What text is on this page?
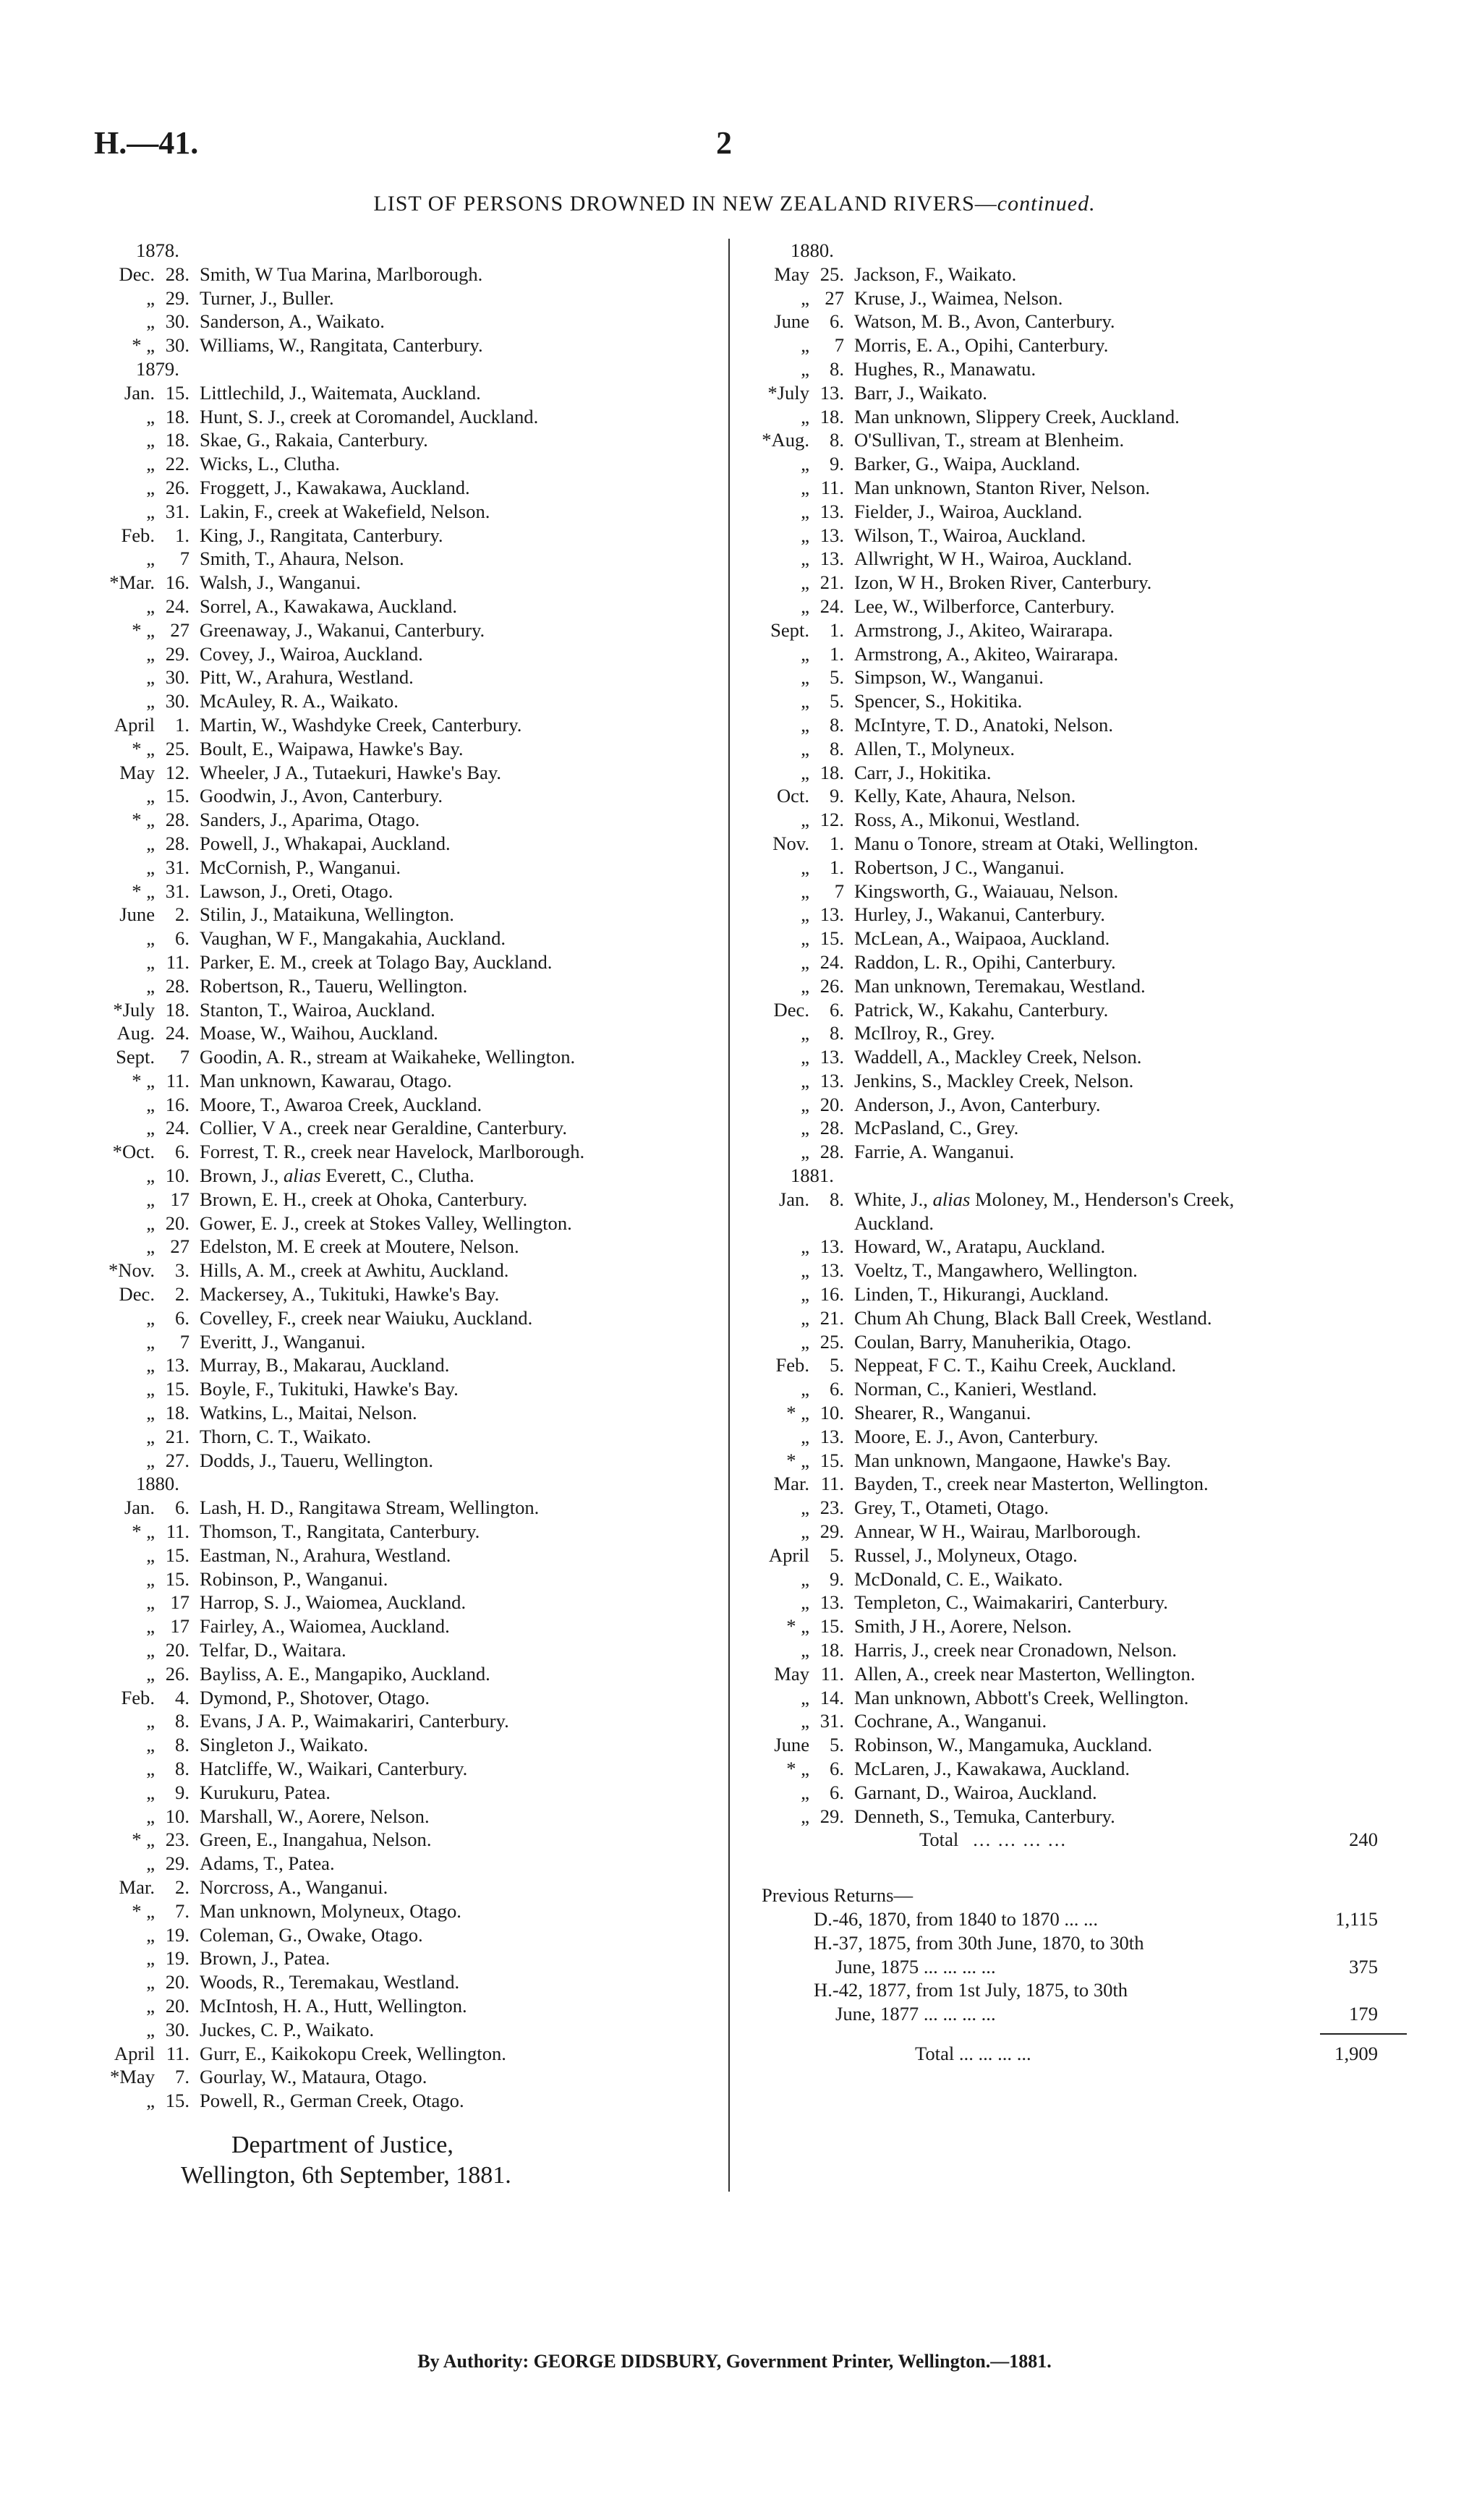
H.—41.	2
LIST OF PERSONS DROWNED IN NEW ZEALAND RIVERS—continued.
1878.
Dec. 28. Smith, W Tua Marina, Marlborough.
„ 29. Turner, J., Buller.
„ 30. Sanderson, A., Waikato.
* „ 30. Williams, W., Rangitata, Canterbury.
1879.
Jan. 15. Littlechild, J., Waitemata, Auckland.
„ 18. Hunt, S. J., creek at Coromandel, Auckland.
„ 18. Skae, G., Rakaia, Canterbury.
„ 22. Wicks, L., Clutha.
„ 26. Froggett, J., Kawakawa, Auckland.
„ 31. Lakin, F., creek at Wakefield, Nelson.
Feb.	1. King, J., Rangitata, Canterbury.
„	7 Smith, T., Ahaura, Nelson.
*Mar. 16. Walsh, J., Wanganui.
„ 24. Sorrel, A., Kawakawa, Auckland.
* „ 27 Greenaway, J., Wakanui, Canterbury.
„ 29. Covey, J., Wairoa, Auckland.
„ 30. Pitt, W., Arahura, Westland.
„ 30. McAuley, R. A., Waikato.
April	1. Martin, W., Washdyke Creek, Canterbury.
* „ 25. Boult, E., Waipawa, Hawke's Bay.
May 12. Wheeler, J A., Tutaekuri, Hawke's Bay.
„ 15. Goodwin, J., Avon, Canterbury.
* „ 28. Sanders, J., Aparima, Otago.
„ 28. Powell, J., Whakapai, Auckland.
„ 31. McCornish, P., Wanganui.
* „ 31. Lawson, J., Oreti, Otago.
June	2. Stilin, J., Mataikuna, Wellington.
„	6. Vaughan, W F., Mangakahia, Auckland.
„ 11. Parker, E. M., creek at Tolago Bay, Auckland.
„ 28. Robertson, R., Taueru, Wellington.
*July 18. Stanton, T., Wairoa, Auckland.
Aug. 24. Moase, W., Waihou, Auckland.
Sept.	7 Goodin, A. R., stream at Waikaheke, Wellington.
* „ 11. Man unknown, Kawarau, Otago.
„ 16. Moore, T., Awaroa Creek, Auckland.
„ 24. Collier, V A., creek near Geraldine, Canterbury.
*Oct.	6. Forrest, T. R., creek near Havelock, Marlborough.
„ 10. Brown, J., alias Everett, C., Clutha.
„ 17 Brown, E. H., creek at Ohoka, Canterbury.
„ 20. Gower, E. J., creek at Stokes Valley, Wellington.
„ 27 Edelston, M. E creek at Moutere, Nelson.
*Nov.	3. Hills, A. M., creek at Awhitu, Auckland.
Dec.	2. Mackersey, A., Tukituki, Hawke's Bay.
„	6. Covelley, F., creek near Waiuku, Auckland.
„	7 Everitt, J., Wanganui.
„ 13. Murray, B., Makarau, Auckland.
„ 15. Boyle, F., Tukituki, Hawke's Bay.
„ 18. Watkins, L., Maitai, Nelson.
„ 21. Thorn, C. T., Waikato.
„ 27. Dodds, J., Taueru, Wellington.
1880.
Jan.	6. Lash, H. D., Rangitawa Stream, Wellington.
* „ 11. Thomson, T., Rangitata, Canterbury.
„ 15. Eastman, N., Arahura, Westland.
„ 15. Robinson, P., Wanganui.
„ 17 Harrop, S. J., Waiomea, Auckland.
„ 17 Fairley, A., Waiomea, Auckland.
„ 20. Telfar, D., Waitara.
„ 26. Bayliss, A. E., Mangapiko, Auckland.
Feb.	4. Dymond, P., Shotover, Otago.
„	8. Evans, J A. P., Waimakariri, Canterbury.
„	8. Singleton J., Waikato.
„	8. Hatcliffe, W., Waikari, Canterbury.
„	9. Kurukuru, Patea.
„ 10. Marshall, W., Aorere, Nelson.
* „ 23. Green, E., Inangahua, Nelson.
„ 29. Adams, T., Patea.
Mar.	2. Norcross, A., Wanganui.
* „	7. Man unknown, Molyneux, Otago.
„ 19. Coleman, G., Owake, Otago.
„ 19. Brown, J., Patea.
„ 20. Woods, R., Teremakau, Westland.
„ 20. McIntosh, H. A., Hutt, Wellington.
„ 30. Juckes, C. P., Waikato.
April 11. Gurr, E., Kaikokopu Creek, Wellington.
*May	7. Gourlay, W., Mataura, Otago.
„ 15. Powell, R., German Creek, Otago.
1880.
May 25. Jackson, F., Waikato.
„ 27 Kruse, J., Waimea, Nelson.
June	6. Watson, M. B., Avon, Canterbury.
„	7 Morris, E. A., Opihi, Canterbury.
„	8. Hughes, R., Manawatu.
*July 13. Barr, J., Waikato.
„ 18. Man unknown, Slippery Creek, Auckland.
*Aug.	8. O'Sullivan, T., stream at Blenheim.
„	9. Barker, G., Waipa, Auckland.
„ 11. Man unknown, Stanton River, Nelson.
„ 13. Fielder, J., Wairoa, Auckland.
„ 13. Wilson, T., Wairoa, Auckland.
„ 13. Allwright, W H., Wairoa, Auckland.
„ 21. Izon, W H., Broken River, Canterbury.
„ 24. Lee, W., Wilberforce, Canterbury.
Sept.	1. Armstrong, J., Akiteo, Wairarapa.
„	1. Armstrong, A., Akiteo, Wairarapa.
„	5. Simpson, W., Wanganui.
„	5. Spencer, S., Hokitika.
„	8. McIntyre, T. D., Anatoki, Nelson.
„	8. Allen, T., Molyneux.
„ 18. Carr, J., Hokitika.
Oct.	9. Kelly, Kate, Ahaura, Nelson.
„ 12. Ross, A., Mikonui, Westland.
Nov.	1. Manu o Tonore, stream at Otaki, Wellington.
„	1. Robertson, J C., Wanganui.
„	7 Kingsworth, G., Waiauau, Nelson.
„ 13. Hurley, J., Wakanui, Canterbury.
„ 15. McLean, A., Waipaoa, Auckland.
„ 24. Raddon, L. R., Opihi, Canterbury.
„ 26. Man unknown, Teremakau, Westland.
Dec.	6. Patrick, W., Kakahu, Canterbury.
„	8. McIlroy, R., Grey.
„ 13. Waddell, A., Mackley Creek, Nelson.
„ 13. Jenkins, S., Mackley Creek, Nelson.
„ 20. Anderson, J., Avon, Canterbury.
„ 28. McPasland, C., Grey.
„ 28. Farrie, A. Wanganui.
1881.
Jan.	8. White, J., alias Moloney, M., Henderson's Creek,
Auckland.
„ 13. Howard, W., Aratapu, Auckland.
„ 13. Voeltz, T., Mangawhero, Wellington.
„ 16. Linden, T., Hikurangi, Auckland.
„ 21. Chum Ah Chung, Black Ball Creek, Westland.
„ 25. Coulan, Barry, Manuherikia, Otago.
Feb.	5. Neppeat, F C. T., Kaihu Creek, Auckland.
„	6. Norman, C., Kanieri, Westland.
* „ 10. Shearer, R., Wanganui.
„ 13. Moore, E. J., Avon, Canterbury.
* „ 15. Man unknown, Mangaone, Hawke's Bay.
Mar. 11. Bayden, T., creek near Masterton, Wellington.
„ 23. Grey, T., Otameti, Otago.
„ 29. Annear, W H., Wairau, Marlborough.
April	5. Russel, J., Molyneux, Otago.
„	9. McDonald, C. E., Waikato.
„ 13. Templeton, C., Waimakariri, Canterbury.
* „ 15. Smith, J H., Aorere, Nelson.
„ 18. Harris, J., creek near Cronadown, Nelson.
May 11. Allen, A., creek near Masterton, Wellington.
„ 14. Man unknown, Abbott's Creek, Wellington.
„ 31. Cochrane, A., Wanganui.
June	5. Robinson, W., Mangamuka, Auckland.
* „	6. McLaren, J., Kawakawa, Auckland.
„	6. Garnant, D., Wairoa, Auckland.
„ 29. Denneth, S., Temuka, Canterbury.
Total ... ... ... ...	240
Previous Returns—
D.-46, 1870, from 1840 to 1870 ... ...	1,115
H.-37, 1875, from 30th June, 1870, to 30th
June, 1875 ... ... ... ...	375
H.-42, 1877, from 1st July, 1875, to 30th
June, 1877 ... ... ... ...	179
Total ... ... ... ...	1,909
Department of Justice,
Wellington, 6th September, 1881.
By Authority: GEORGE DIDSBURY, Government Printer, Wellington.—1881.
